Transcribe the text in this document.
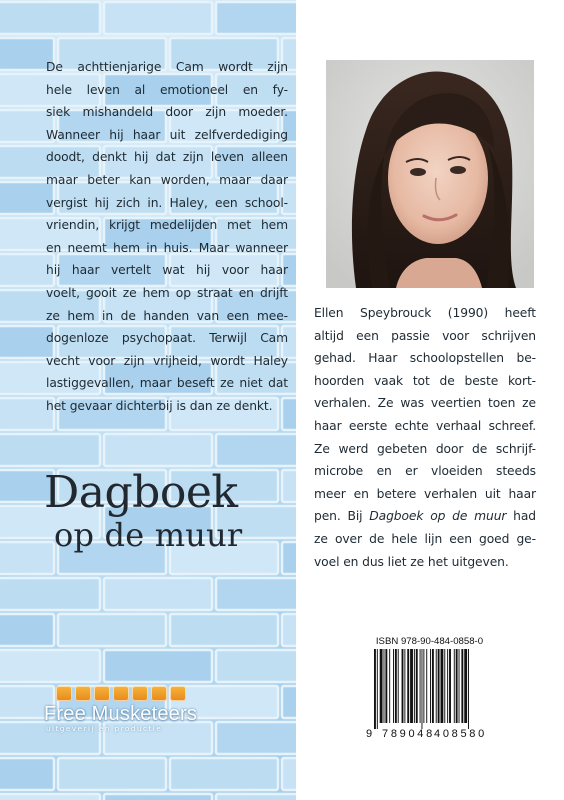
De achttienjarige Cam wordt zijn
hele leven al emotioneel en fy-
siek mishandeld door zijn moeder.
Wanneer hij haar uit zelfverdediging
doodt, denkt hij dat zijn leven alleen
maar beter kan worden, maar daar
vergist hij zich in. Haley, een school-
vriendin, krijgt medelijden met hem
en neemt hem in huis. Maar wanneer
hij haar vertelt wat hij voor haar
voelt, gooit ze hem op straat en drijft
ze hem in de handen van een mee-
dogenloze psychopaat. Terwijl Cam
vecht voor zijn vrijheid, wordt Haley
lastiggevallen, maar beseft ze niet dat
het gevaar dichterbij is dan ze denkt.
Dagboek
op de muur
Free Musketeers
uitgeverij en productie
Ellen Speybrouck (1990) heeft
altijd een passie voor schrijven
gehad. Haar schoolopstellen be-
hoorden vaak tot de beste kort-
verhalen. Ze was veertien toen ze
haar eerste echte verhaal schreef.
Ze werd gebeten door de schrijf-
microbe en er vloeiden steeds
meer en betere verhalen uit haar
pen. Bij Dagboek op de muur had
ze over de hele lijn een goed ge-
voel en dus liet ze het uitgeven.
ISBN 978-90-484-0858-0
9 789048 408580
